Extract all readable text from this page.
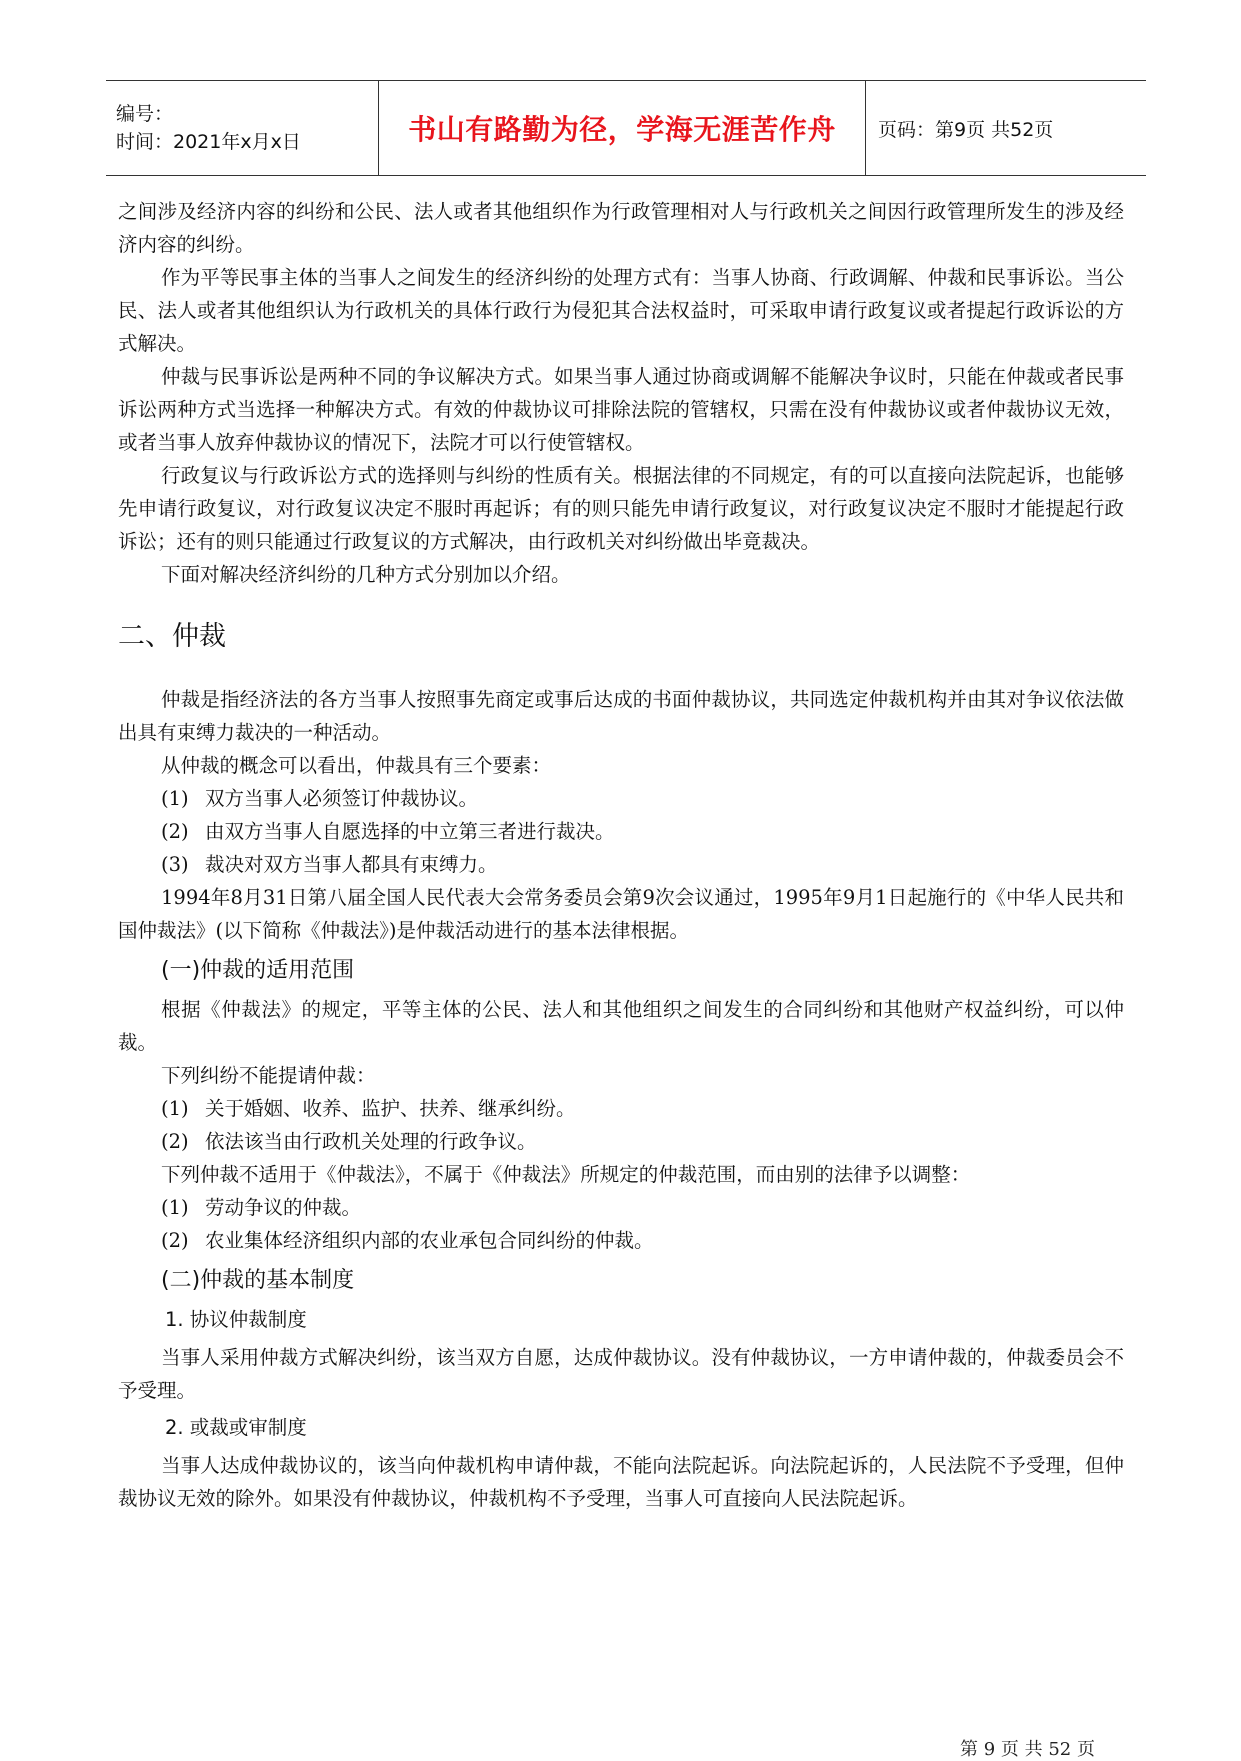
编号：
时间：2021年x月x日	书山有路勤为径，学海无涯苦作舟 页码：第9页 共52页

之间涉及经济内容的纠纷和公民、法人或者其他组织作为行政管理相对人与行政机关之间因行政管理所发生的涉及经济内容的纠纷。

作为平等民事主体的当事人之间发生的经济纠纷的处理方式有：当事人协商、行政调解、仲裁和民事诉讼。当公民、法人或者其他组织认为行政机关的具体行政行为侵犯其合法权益时，可采取申请行政复议或者提起行政诉讼的方式解决。

仲裁与民事诉讼是两种不同的争议解决方式。如果当事人通过协商或调解不能解决争议时，只能在仲裁或者民事诉讼两种方式当选择一种解决方式。有效的仲裁协议可排除法院的管辖权，只需在没有仲裁协议或者仲裁协议无效，或者当事人放弃仲裁协议的情况下，法院才可以行使管辖权。

行政复议与行政诉讼方式的选择则与纠纷的性质有关。根据法律的不同规定，有的可以直接向法院起诉，也能够先申请行政复议，对行政复议决定不服时再起诉；有的则只能先申请行政复议，对行政复议决定不服时才能提起行政诉讼；还有的则只能通过行政复议的方式解决，由行政机关对纠纷做出毕竟裁决。

下面对解决经济纠纷的几种方式分别加以介绍。

二、仲裁

仲裁是指经济法的各方当事人按照事先商定或事后达成的书面仲裁协议，共同选定仲裁机构并由其对争议依法做出具有束缚力裁决的一种活动。

从仲裁的概念可以看出，仲裁具有三个要素：

(1) 双方当事人必须签订仲裁协议。
(2) 由双方当事人自愿选择的中立第三者进行裁决。
(3) 裁决对双方当事人都具有束缚力。

1994年8月31日第八届全国人民代表大会常务委员会第9次会议通过，1995年9月1日起施行的《中华人民共和国仲裁法》(以下简称《仲裁法》)是仲裁活动进行的基本法律根据。

(一)仲裁的适用范围

根据《仲裁法》的规定，平等主体的公民、法人和其他组织之间发生的合同纠纷和其他财产权益纠纷，可以仲裁。

下列纠纷不能提请仲裁：

(1) 关于婚姻、收养、监护、扶养、继承纠纷。
(2) 依法该当由行政机关处理的行政争议。

下列仲裁不适用于《仲裁法》，不属于《仲裁法》所规定的仲裁范围，而由别的法律予以调整：

(1) 劳动争议的仲裁。
(2) 农业集体经济组织内部的农业承包合同纠纷的仲裁。
(二)仲裁的基本制度
1. 协议仲裁制度

当事人采用仲裁方式解决纠纷，该当双方自愿，达成仲裁协议。没有仲裁协议，一方申请仲裁的，仲裁委员会不予受理。

2. 或裁或审制度

当事人达成仲裁协议的，该当向仲裁机构申请仲裁，不能向法院起诉。向法院起诉的，人民法院不予受理，但仲裁协议无效的除外。如果没有仲裁协议，仲裁机构不予受理，当事人可直接向人民法院起诉。

第 9 页 共 52 页
